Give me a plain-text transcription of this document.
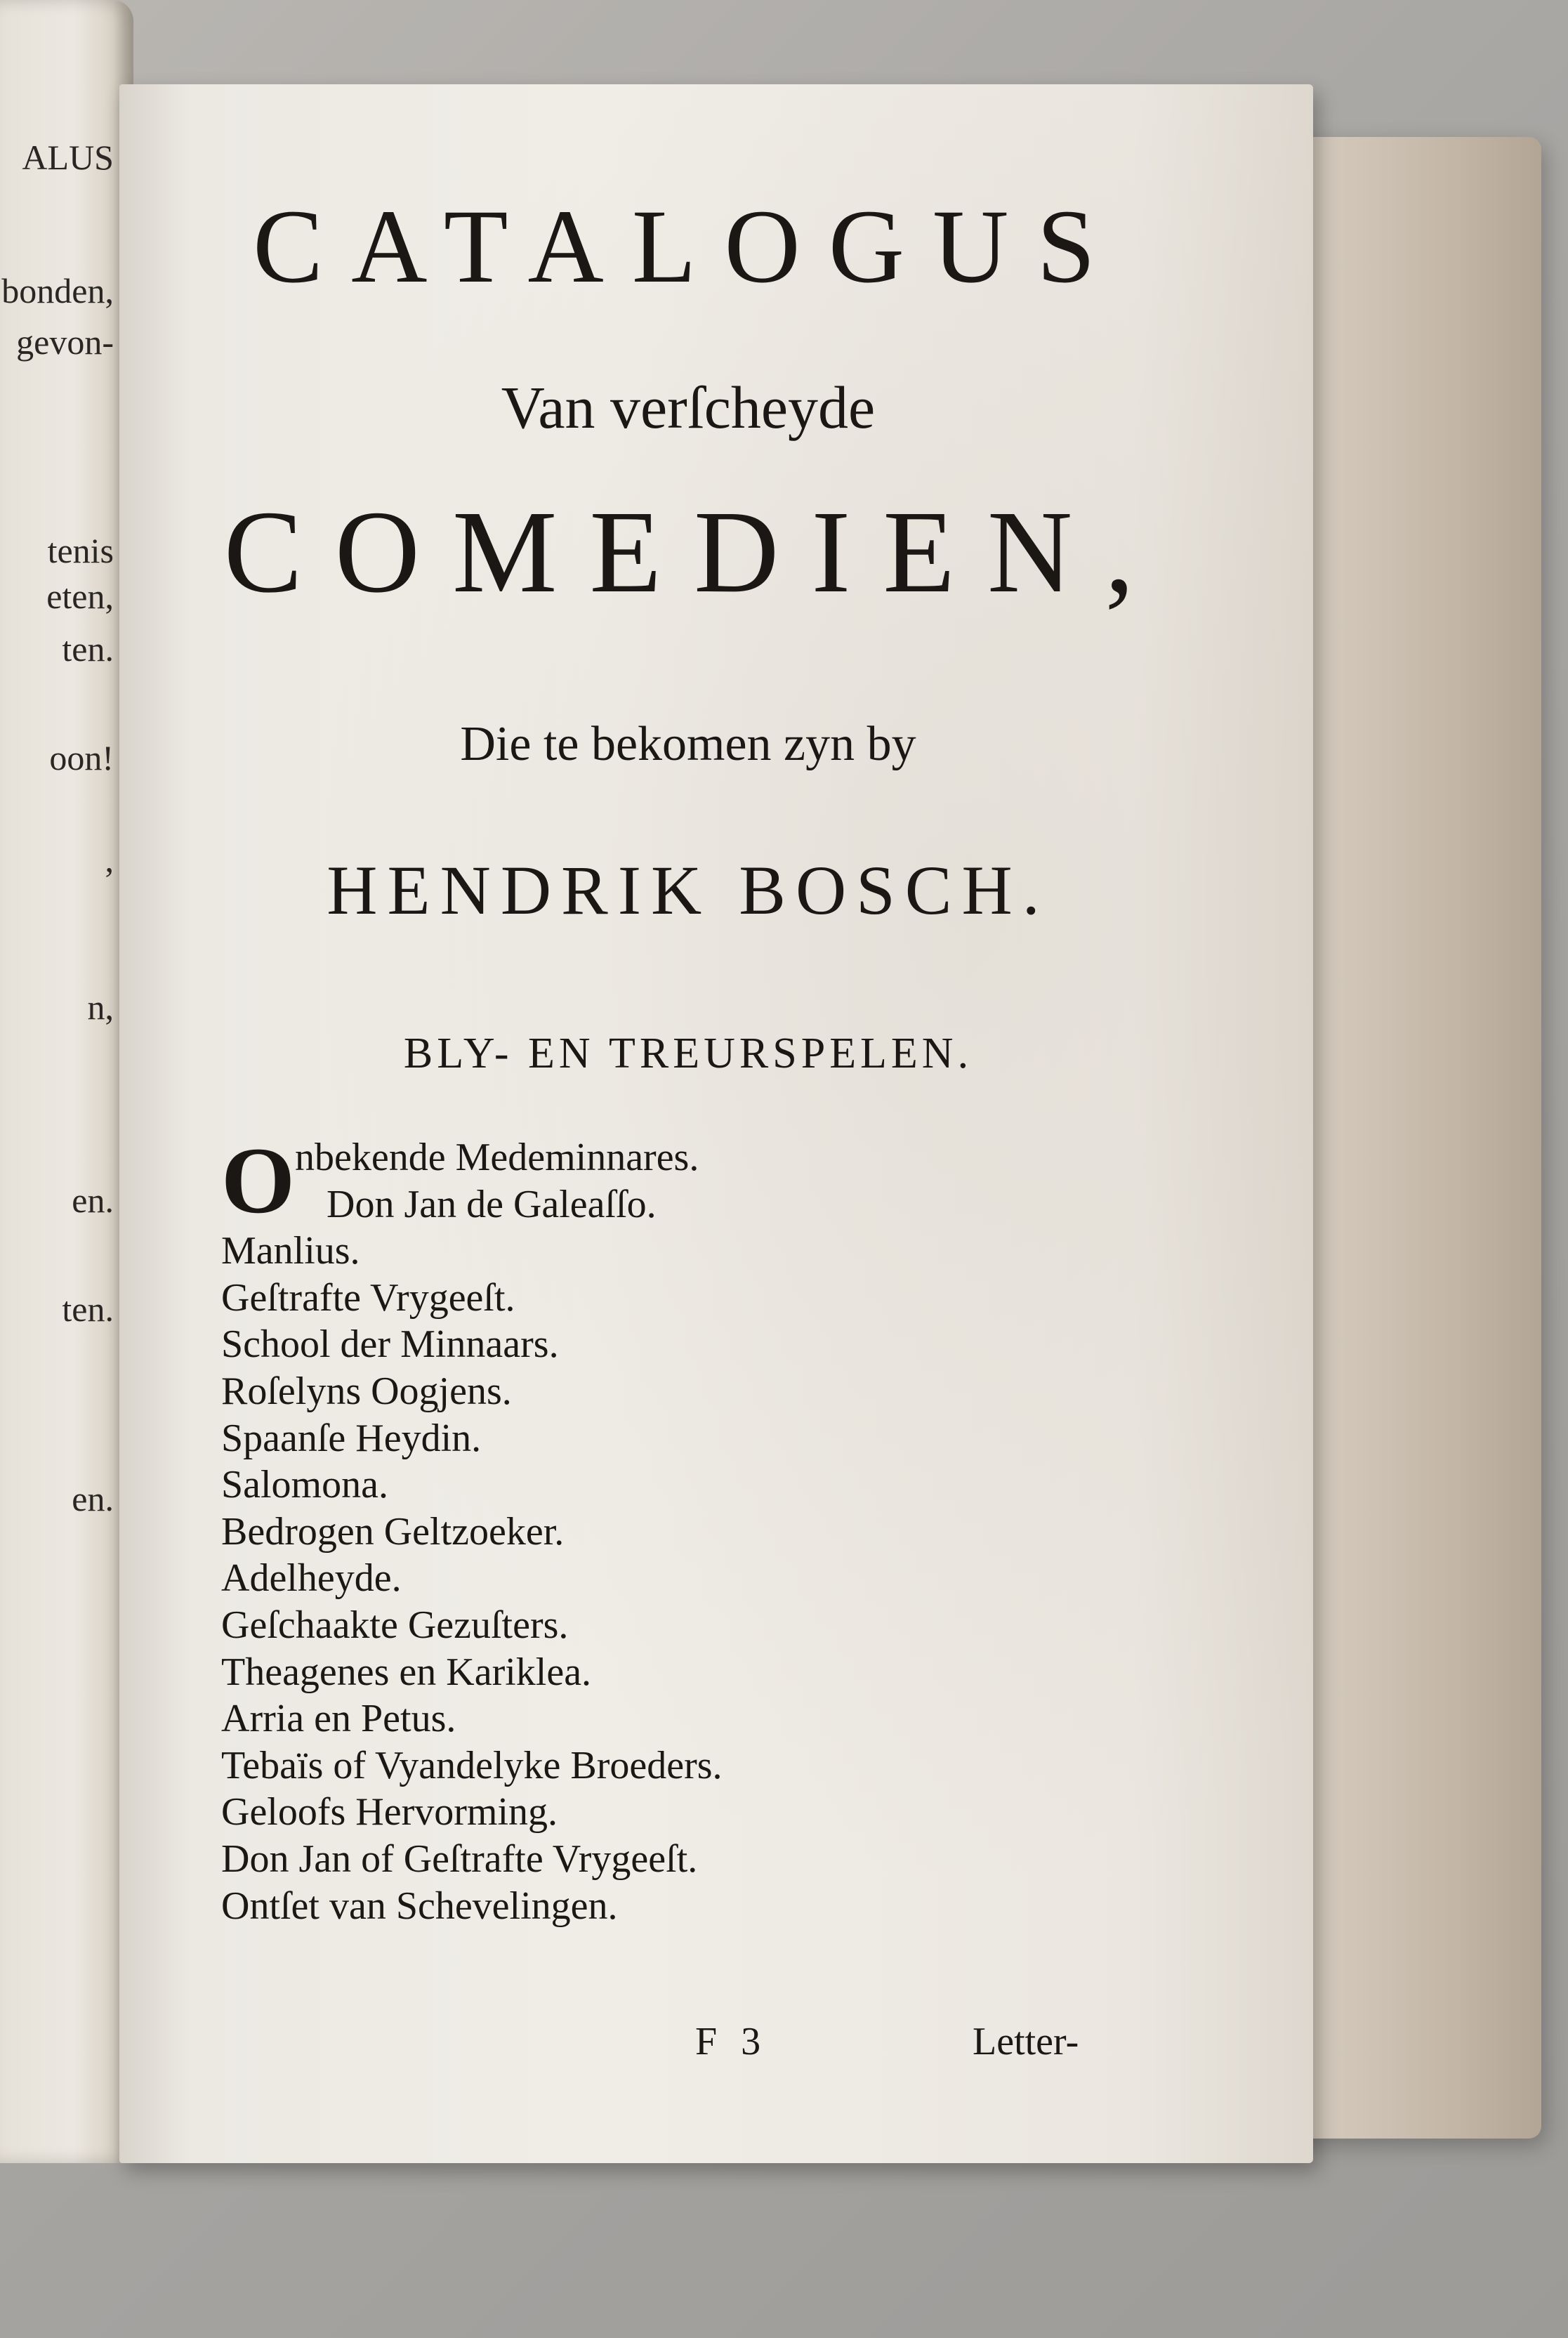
ALUS
bonden,
gevon-
tenis
eten,
ten.
oon!
,
n,
en.
ten.
en.
CATALOGUS
Van verſcheyde
COMEDIEN,
Die te bekomen zyn by
HENDRIK BOSCH.
BLY- EN TREURSPELEN.
O nbekende Medeminnares.
Don Jan de Galeaſſo.
Manlius.
Geſtrafte Vrygeeſt.
School der Minnaars.
Roſelyns Oogjens.
Spaanſe Heydin.
Salomona.
Bedrogen Geltzoeker.
Adelheyde.
Geſchaakte Gezuſters.
Theagenes en Kariklea.
Arria en Petus.
Tebaïs of Vyandelyke Broeders.
Geloofs Hervorming.
Don Jan of Geſtrafte Vrygeeſt.
Ontſet van Schevelingen.
F 3	Letter-
